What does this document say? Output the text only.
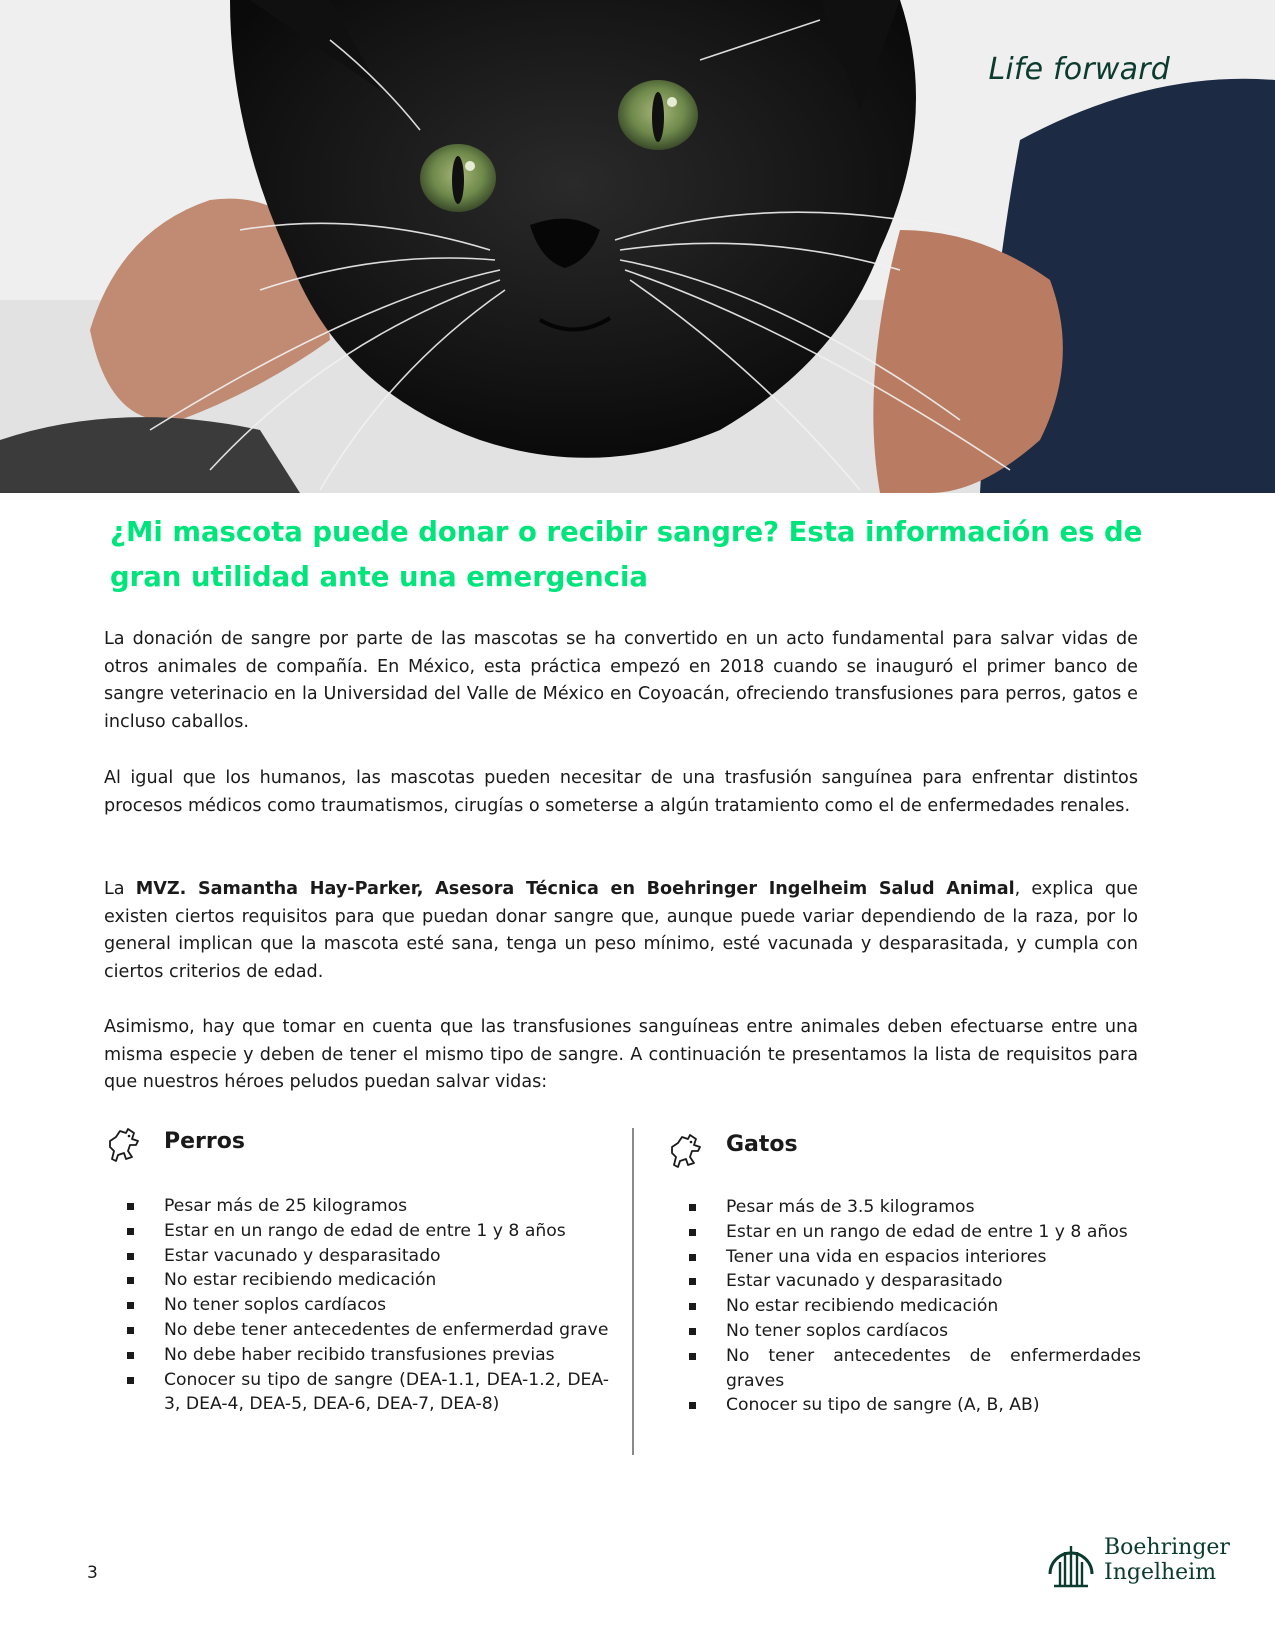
Life forward
¿Mi mascota puede donar o recibir sangre? Esta información es de gran utilidad ante una emergencia

La donación de sangre por parte de las mascotas se ha convertido en un acto fundamental para salvar vidas de otros animales de compañía. En México, esta práctica empezó en 2018 cuando se inauguró el primer banco de sangre veterinacio en la Universidad del Valle de México en Coyoacán, ofreciendo transfusiones para perros, gatos e incluso caballos.

Al igual que los humanos, las mascotas pueden necesitar de una trasfusión sanguínea para enfrentar distintos procesos médicos como traumatismos, cirugías o someterse a algún tratamiento como el de enfermedades renales.

La MVZ. Samantha Hay-Parker, Asesora Técnica en Boehringer Ingelheim Salud Animal, explica que existen ciertos requisitos para que puedan donar sangre que, aunque puede variar dependiendo de la raza, por lo general implican que la mascota esté sana, tenga un peso mínimo, esté vacunada y desparasitada, y cumpla con ciertos criterios de edad.

Asimismo, hay que tomar en cuenta que las transfusiones sanguíneas entre animales deben efectuarse entre una misma especie y deben de tener el mismo tipo de sangre. A continuación te presentamos la lista de requisitos para que nuestros héroes peludos puedan salvar vidas:

Perros
Pesar más de 25 kilogramos
Estar en un rango de edad de entre 1 y 8 años
Estar vacunado y desparasitado
No estar recibiendo medicación
No tener soplos cardíacos
No debe tener antecedentes de enfermerdad grave
No debe haber recibido transfusiones previas
Conocer su tipo de sangre (DEA-1.1, DEA-1.2, DEA-3, DEA-4, DEA-5, DEA-6, DEA-7, DEA-8)
Gatos
Pesar más de 3.5 kilogramos
Estar en un rango de edad de entre 1 y 8 años
Tener una vida en espacios interiores
Estar vacunado y desparasitado
No estar recibiendo medicación
No tener soplos cardíacos
No tener antecedentes de enfermerdades graves
Conocer su tipo de sangre (A, B, AB)
3
Boehringer
Ingelheim
